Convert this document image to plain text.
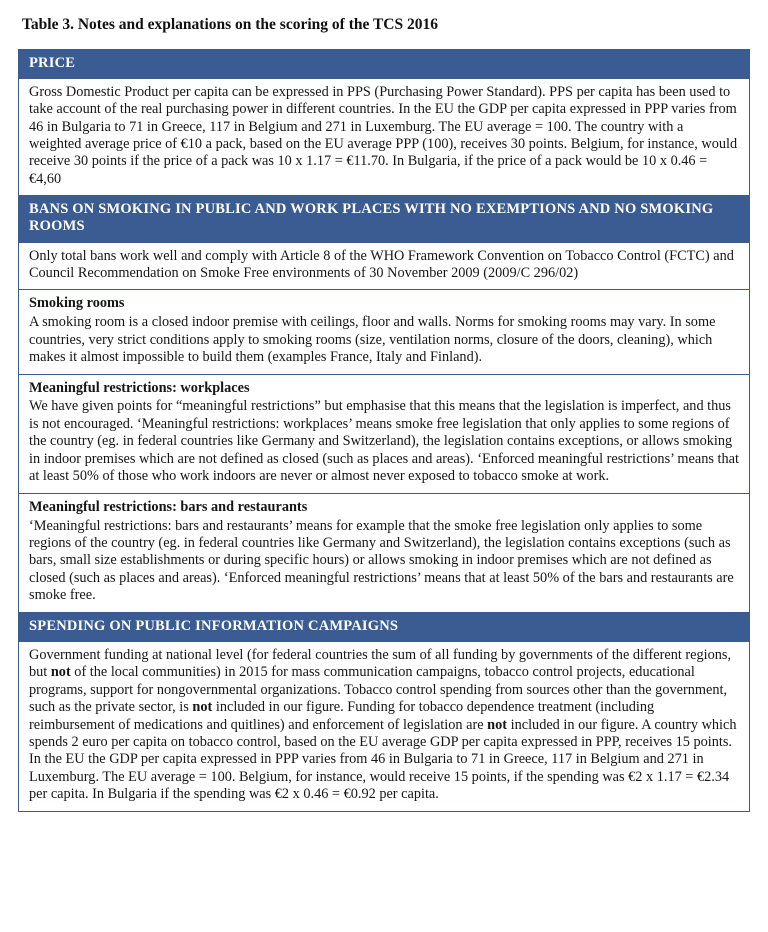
Table 3. Notes and explanations on the scoring of the TCS 2016
PRICE

Gross Domestic Product per capita can be expressed in PPS (Purchasing Power Standard). PPS per capita has been used to take account of the real purchasing power in different countries. In the EU the GDP per capita expressed in PPP varies from 46 in Bulgaria to 71 in Greece, 117 in Belgium and 271 in Luxemburg. The EU average = 100. The country with a weighted average price of €10 a pack, based on the EU average PPP (100), receives 30 points. Belgium, for instance, would receive 30 points if the price of a pack was 10 x 1.17 = €11.70. In Bulgaria, if the price of a pack would be 10 x 0.46 = €4,60

BANS ON SMOKING IN PUBLIC AND WORK PLACES WITH NO EXEMPTIONS AND NO SMOKING ROOMS

Only total bans work well and comply with Article 8 of the WHO Framework Convention on Tobacco Control (FCTC) and Council Recommendation on Smoke Free environments of 30 November 2009 (2009/C 296/02)

Smoking rooms

A smoking room is a closed indoor premise with ceilings, floor and walls. Norms for smoking rooms may vary. In some countries, very strict conditions apply to smoking rooms (size, ventilation norms, closure of the doors, cleaning), which makes it almost impossible to build them (examples France, Italy and Finland).

Meaningful restrictions: workplaces

We have given points for “meaningful restrictions” but emphasise that this means that the legislation is imperfect, and thus is not encouraged. ‘Meaningful restrictions: workplaces’ means smoke free legislation that only applies to some regions of the country (eg. in federal countries like Germany and Switzerland), the legislation contains exceptions, or allows smoking in indoor premises which are not defined as closed (such as places and areas). ‘Enforced meaningful restrictions’ means that at least 50% of those who work indoors are never or almost never exposed to tobacco smoke at work.

Meaningful restrictions: bars and restaurants

‘Meaningful restrictions: bars and restaurants’ means for example that the smoke free legislation only applies to some regions of the country (eg. in federal countries like Germany and Switzerland), the legislation contains exceptions (such as bars, small size establishments or during specific hours) or allows smoking in indoor premises which are not defined as closed (such as places and areas). ‘Enforced meaningful restrictions’ means that at least 50% of the bars and restaurants are smoke free.

SPENDING ON PUBLIC INFORMATION CAMPAIGNS

Government funding at national level (for federal countries the sum of all funding by governments of the different regions, but not of the local communities) in 2015 for mass communication campaigns, tobacco control projects, educational programs, support for nongovernmental organizations. Tobacco control spending from sources other than the government, such as the private sector, is not included in our figure. Funding for tobacco dependence treatment (including reimbursement of medications and quitlines) and enforcement of legislation are not included in our figure. A country which spends 2 euro per capita on tobacco control, based on the EU average GDP per capita expressed in PPP, receives 15 points. In the EU the GDP per capita expressed in PPP varies from 46 in Bulgaria to 71 in Greece, 117 in Belgium and 271 in Luxemburg. The EU average = 100. Belgium, for instance, would receive 15 points, if the spending was €2 x 1.17 = €2.34 per capita. In Bulgaria if the spending was €2 x 0.46 = €0.92 per capita.
